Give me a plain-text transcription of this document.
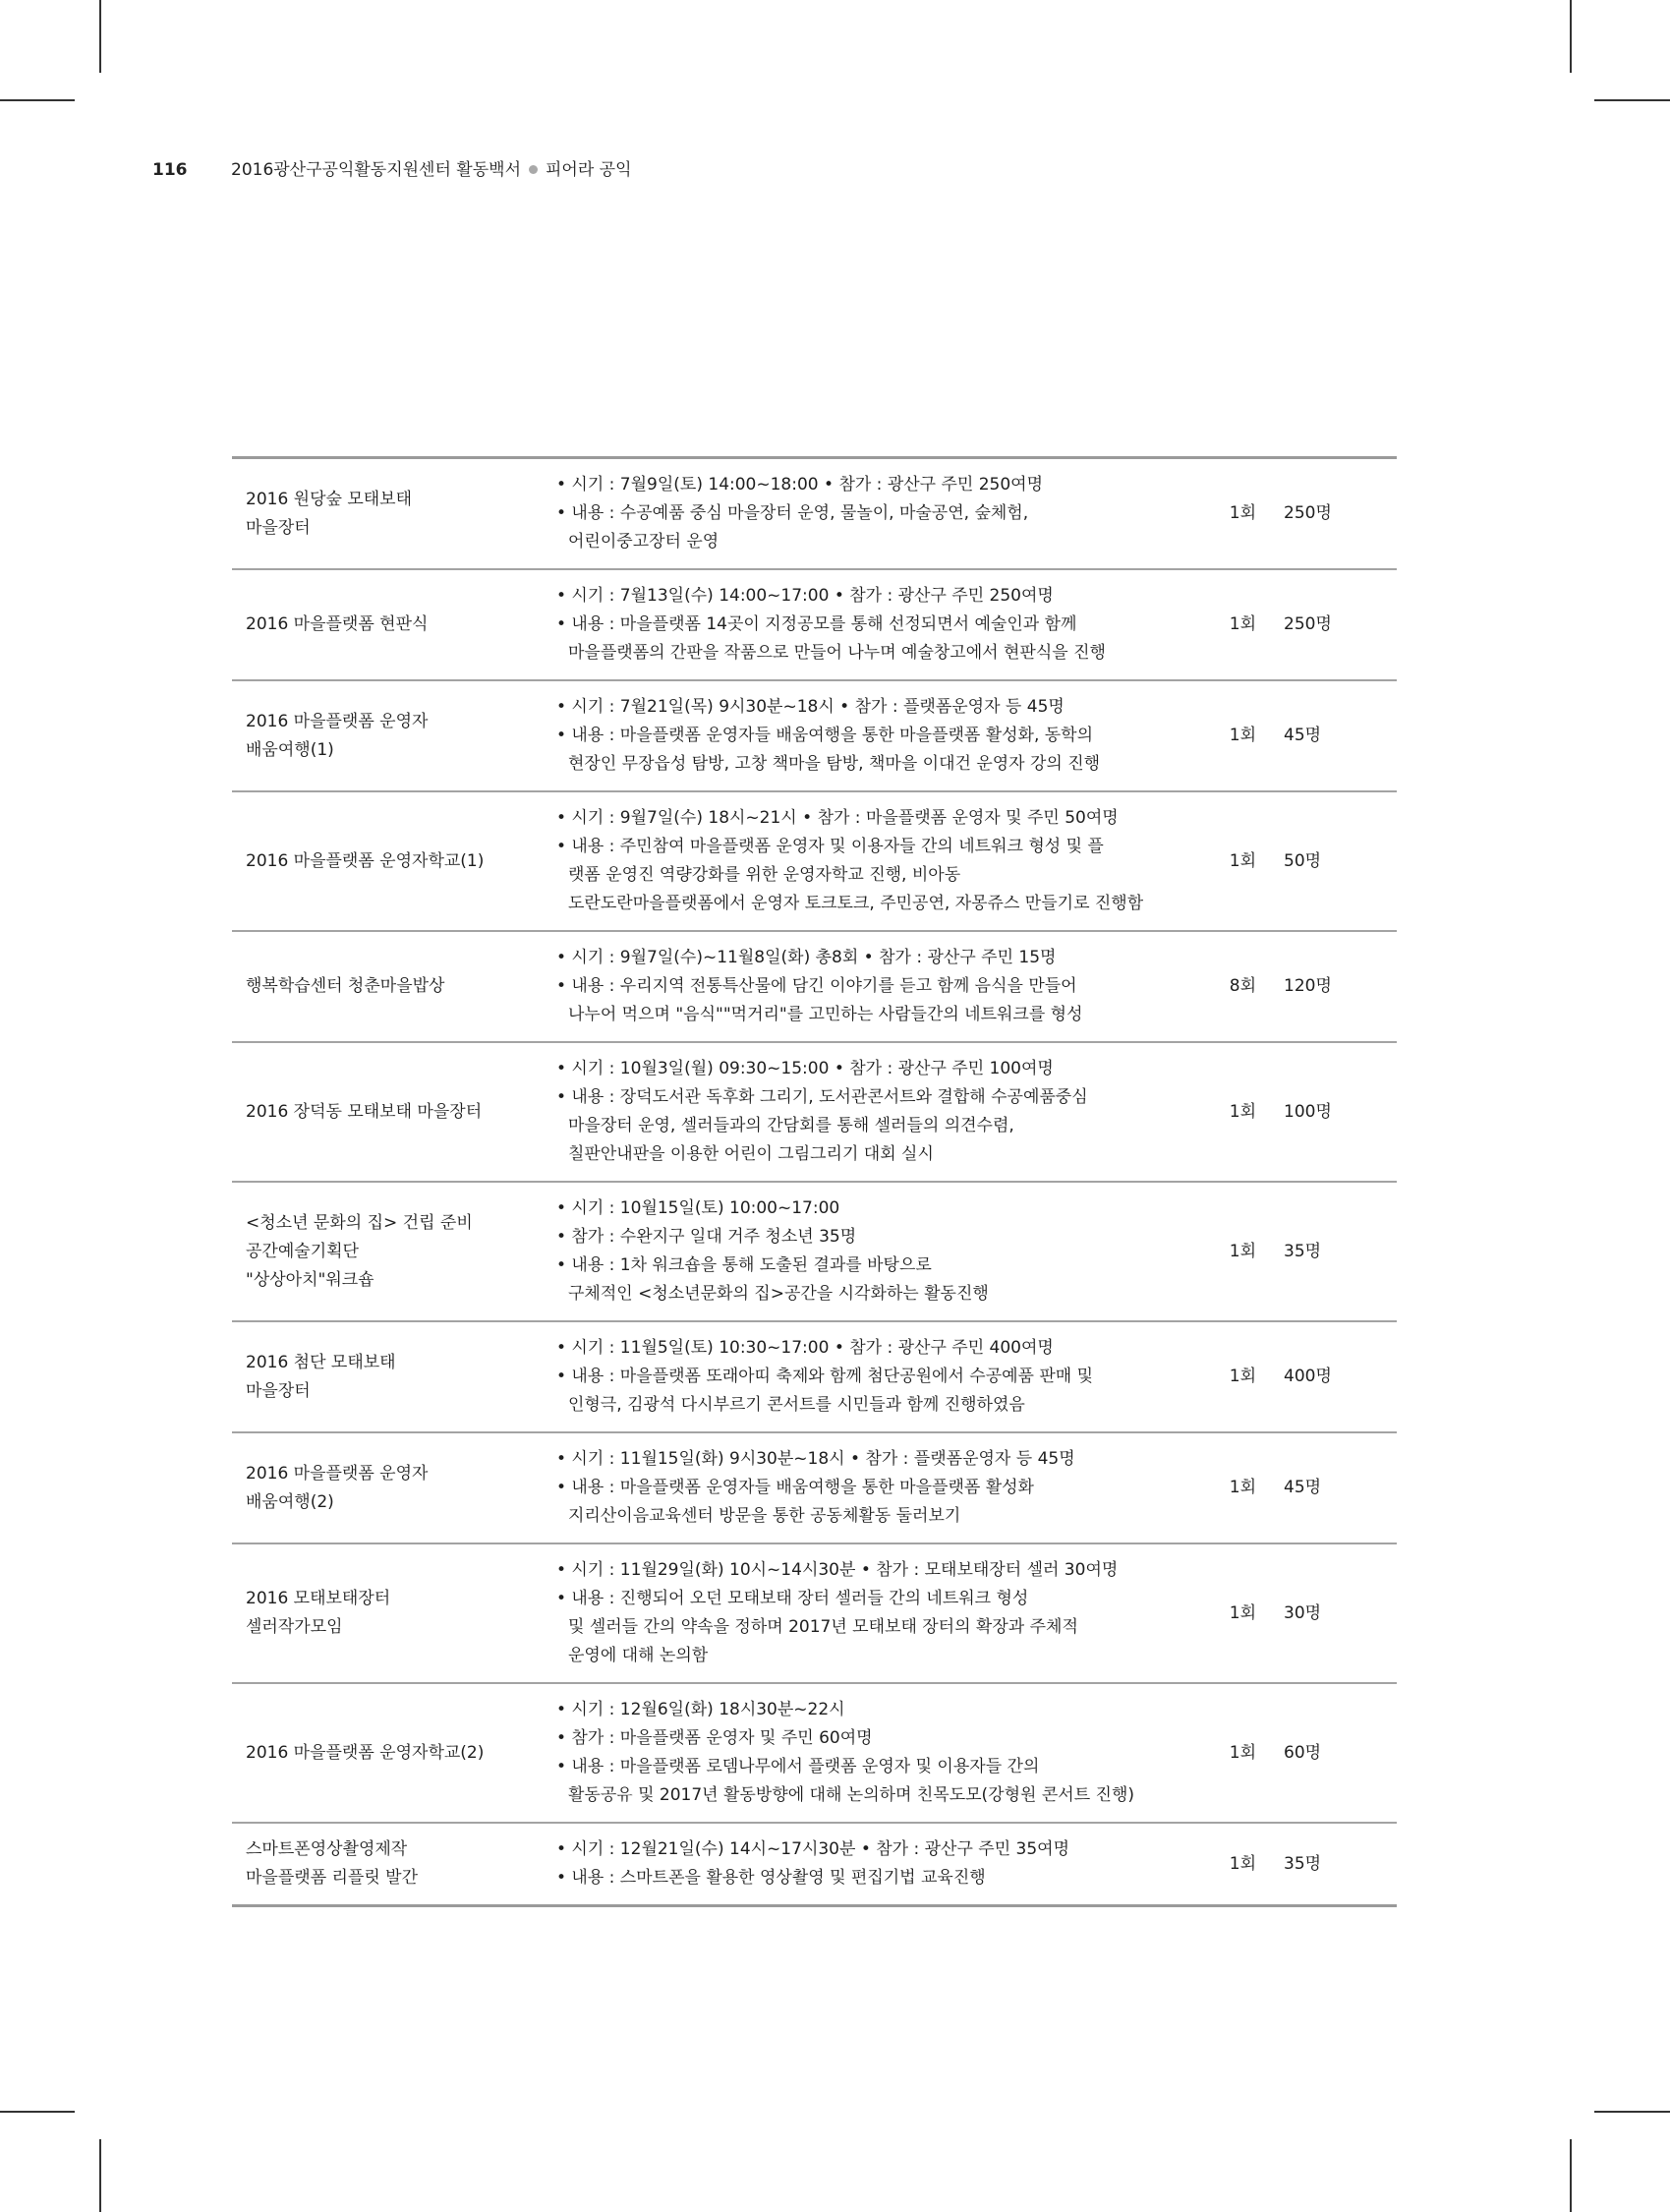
116	2016광산구공익활동지원센터 활동백서 피어라 공익
2016 원당숲 모태보태
마을장터	• 시기 : 7월9일(토) 14:00~18:00 • 참가 : 광산구 주민 250여명
• 내용 : 수공예품 중심 마을장터 운영, 물놀이, 마술공연, 숲체험,
어린이중고장터 운영	1회	250명

2016 마을플랫폼 현판식	• 시기 : 7월13일(수) 14:00~17:00 • 참가 : 광산구 주민 250여명
• 내용 : 마을플랫폼 14곳이 지정공모를 통해 선정되면서 예술인과 함께
마을플랫폼의 간판을 작품으로 만들어 나누며 예술창고에서 현판식을 진행	1회	250명

2016 마을플랫폼 운영자
배움여행(1)	• 시기 : 7월21일(목) 9시30분~18시 • 참가 : 플랫폼운영자 등 45명
• 내용 : 마을플랫폼 운영자들 배움여행을 통한 마을플랫폼 활성화, 동학의
현장인 무장읍성 탐방, 고창 책마을 탐방, 책마을 이대건 운영자 강의 진행	1회	45명

2016 마을플랫폼 운영자학교(1)	• 시기 : 9월7일(수) 18시~21시 • 참가 : 마을플랫폼 운영자 및 주민 50여명
• 내용 : 주민참여 마을플랫폼 운영자 및 이용자들 간의 네트워크 형성 및 플
랫폼 운영진 역량강화를 위한 운영자학교 진행, 비아동
도란도란마을플랫폼에서 운영자 토크토크, 주민공연, 자몽쥬스 만들기로 진행함	1회	50명

행복학습센터 청춘마을밥상	• 시기 : 9월7일(수)~11월8일(화) 총8회 • 참가 : 광산구 주민 15명
• 내용 : 우리지역 전통특산물에 담긴 이야기를 듣고 함께 음식을 만들어
나누어 먹으며 "음식""먹거리"를 고민하는 사람들간의 네트워크를 형성	8회	120명

2016 장덕동 모태보태 마을장터	• 시기 : 10월3일(월) 09:30~15:00 • 참가 : 광산구 주민 100여명
• 내용 : 장덕도서관 독후화 그리기, 도서관콘서트와 결합해 수공예품중심
마을장터 운영, 셀러들과의 간담회를 통해 셀러들의 의견수렴,
칠판안내판을 이용한 어린이 그림그리기 대회 실시	1회	100명

<청소년 문화의 집> 건립 준비
공간예술기획단
"상상아치"워크숍	• 시기 : 10월15일(토) 10:00~17:00
• 참가 : 수완지구 일대 거주 청소년 35명
• 내용 : 1차 워크숍을 통해 도출된 결과를 바탕으로
구체적인 <청소년문화의 집>공간을 시각화하는 활동진행	1회	35명

2016 첨단 모태보태
마을장터	• 시기 : 11월5일(토) 10:30~17:00 • 참가 : 광산구 주민 400여명
• 내용 : 마을플랫폼 또래아띠 축제와 함께 첨단공원에서 수공예품 판매 및
인형극, 김광석 다시부르기 콘서트를 시민들과 함께 진행하였음	1회	400명

2016 마을플랫폼 운영자
배움여행(2)	• 시기 : 11월15일(화) 9시30분~18시 • 참가 : 플랫폼운영자 등 45명
• 내용 : 마을플랫폼 운영자들 배움여행을 통한 마을플랫폼 활성화
지리산이음교육센터 방문을 통한 공동체활동 둘러보기	1회	45명

2016 모태보태장터
셀러작가모임	• 시기 : 11월29일(화) 10시~14시30분 • 참가 : 모태보태장터 셀러 30여명
• 내용 : 진행되어 오던 모태보태 장터 셀러들 간의 네트워크 형성
및 셀러들 간의 약속을 정하며 2017년 모태보태 장터의 확장과 주체적
운영에 대해 논의함	1회	30명

2016 마을플랫폼 운영자학교(2)	• 시기 : 12월6일(화) 18시30분~22시
• 참가 : 마을플랫폼 운영자 및 주민 60여명
• 내용 : 마을플랫폼 로뎀나무에서 플랫폼 운영자 및 이용자들 간의
활동공유 및 2017년 활동방향에 대해 논의하며 친목도모(강형원 콘서트 진행)	1회	60명

스마트폰영상촬영제작
마을플랫폼 리플릿 발간	• 시기 : 12월21일(수) 14시~17시30분 • 참가 : 광산구 주민 35여명
• 내용 : 스마트폰을 활용한 영상촬영 및 편집기법 교육진행	1회	35명
